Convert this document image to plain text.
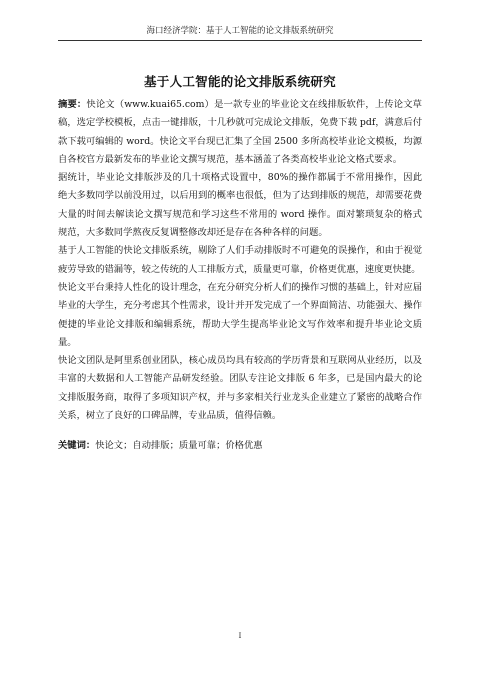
海口经济学院：基于人工智能的论文排版系统研究
基于人工智能的论文排版系统研究

摘要：快论文（www.kuai65.com）是一款专业的毕业论文在线排版软件，上传论文草稿，选定学校模板，点击一键排版，十几秒就可完成论文排版，免费下载 pdf，满意后付款下载可编辑的 word。快论文平台现已汇集了全国 2500 多所高校毕业论文模板，均源自各校官方最新发布的毕业论文撰写规范，基本涵盖了各类高校毕业论文格式要求。

据统计，毕业论文排版涉及的几十项格式设置中，80%的操作都属于不常用操作，因此绝大多数同学以前没用过，以后用到的概率也很低，但为了达到排版的规范，却需要花费大量的时间去解读论文撰写规范和学习这些不常用的 word 操作。面对繁琐复杂的格式规范，大多数同学熬夜反复调整修改却还是存在各种各样的问题。

基于人工智能的快论文排版系统，剔除了人们手动排版时不可避免的误操作，和由于视觉疲劳导致的错漏等，较之传统的人工排版方式，质量更可靠，价格更优惠，速度更快捷。

快论文平台秉持人性化的设计理念，在充分研究分析人们的操作习惯的基础上，针对应届毕业的大学生，充分考虑其个性需求，设计并开发完成了一个界面简洁、功能强大、操作便捷的毕业论文排版和编辑系统，帮助大学生提高毕业论文写作效率和提升毕业论文质量。

快论文团队是阿里系创业团队，核心成员均具有较高的学历背景和互联网从业经历，以及丰富的大数据和人工智能产品研发经验。团队专注论文排版 6 年多，已是国内最大的论文排版服务商，取得了多项知识产权，并与多家相关行业龙头企业建立了紧密的战略合作关系，树立了良好的口碑品牌，专业品质，值得信赖。

关键词：快论文；自动排版；质量可靠；价格优惠

I
